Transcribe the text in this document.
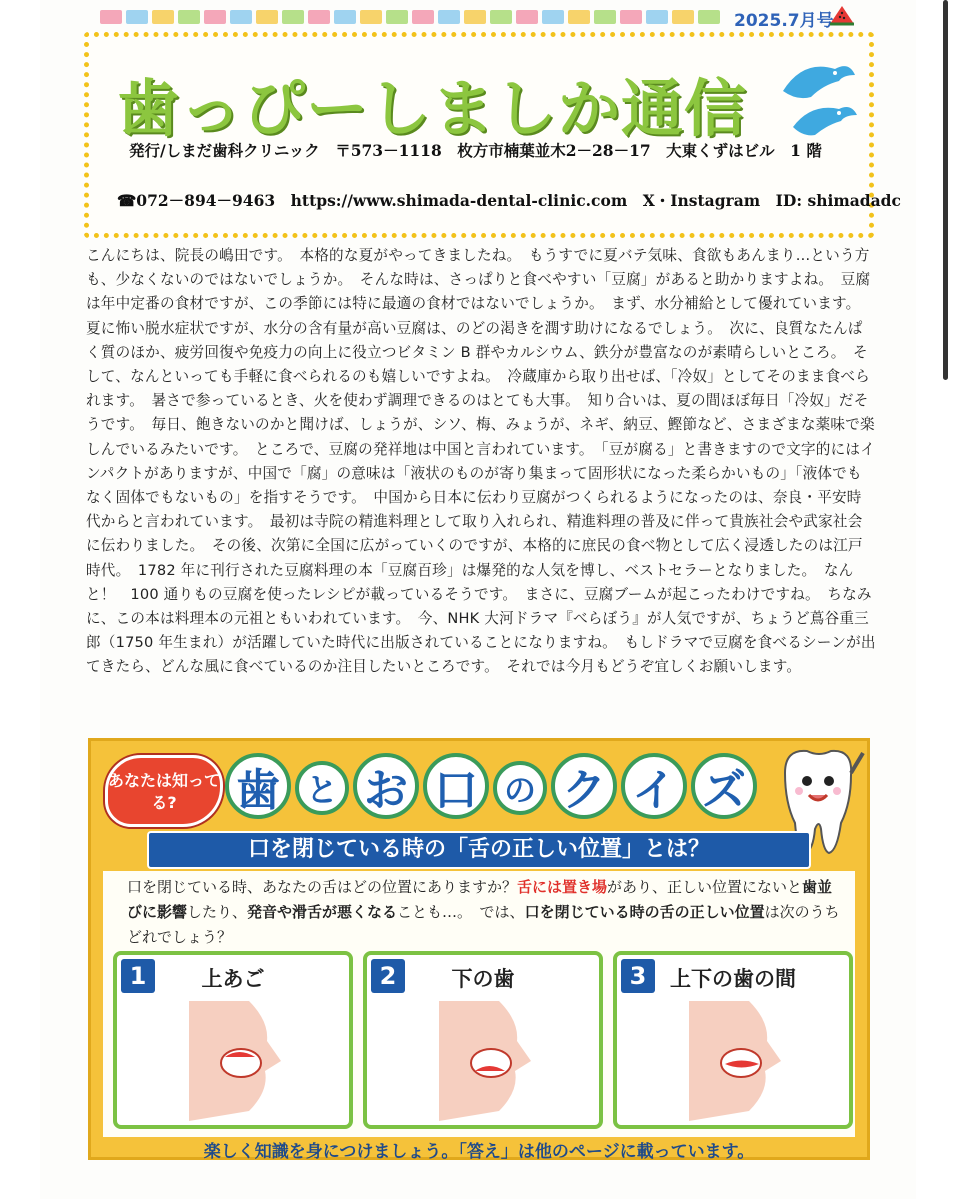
2025.7月号
歯っぴーしましか通信
発行/しまだ歯科クリニック　〒573－1118　枚方市楠葉並木2－28－17　大東くずはビル　1 階
☎072－894－9463　https://www.shimada-dental-clinic.com　X・Instagram　ID: shimadadc
こんにちは、院長の嶋田です。　本格的な夏がやってきましたね。　もうすでに夏バテ気味、食欲もあんまり…という方も、少なくないのではないでしょうか。　そんな時は、さっぱりと食べやすい「豆腐」があると助かりますよね。　豆腐は年中定番の食材ですが、この季節には特に最適の食材ではないでしょうか。　まず、水分補給として優れています。　夏に怖い脱水症状ですが、水分の含有量が高い豆腐は、のどの渇きを潤す助けになるでしょう。　次に、良質なたんぱく質のほか、疲労回復や免疫力の向上に役立つビタミン B 群やカルシウム、鉄分が豊富なのが素晴らしいところ。　そして、なんといっても手軽に食べられるのも嬉しいですよね。　冷蔵庫から取り出せば、「冷奴」としてそのまま食べられます。　暑さで参っているとき、火を使わず調理できるのはとても大事。　知り合いは、夏の間ほぼ毎日「冷奴」だそうです。　毎日、飽きないのかと聞けば、しょうが、シソ、梅、みょうが、ネギ、納豆、鰹節など、さまざまな薬味で楽しんでいるみたいです。　ところで、豆腐の発祥地は中国と言われています。　「豆が腐る」と書きますので文字的にはインパクトがありますが、中国で「腐」の意味は「液状のものが寄り集まって固形状になった柔らかいもの」「液体でもなく固体でもないもの」を指すそうです。　中国から日本に伝わり豆腐がつくられるようになったのは、奈良・平安時代からと言われています。　最初は寺院の精進料理として取り入れられ、精進料理の普及に伴って貴族社会や武家社会に伝わりました。　その後、次第に全国に広がっていくのですが、本格的に庶民の食べ物として広く浸透したのは江戸時代。　1782 年に刊行された豆腐料理の本「豆腐百珍」は爆発的な人気を博し、ベストセラーとなりました。　なんと！　100 通りもの豆腐を使ったレシピが載っているそうです。　まさに、豆腐ブームが起こったわけですね。　ちなみに、この本は料理本の元祖ともいわれています。　今、NHK 大河ドラマ『べらぼう』が人気ですが、ちょうど蔦谷重三郎（1750 年生まれ）が活躍していた時代に出版されていることになりますね。　もしドラマで豆腐を食べるシーンが出てきたら、どんな風に食べているのか注目したいところです。　それでは今月もどうぞ宜しくお願いします。
あなたは知ってる?	歯 と お 口 の ク イ ズ
口を閉じている時の「舌の正しい位置」とは？
口を閉じている時、あなたの舌はどの位置にありますか？舌には置き場があり、正しい位置にないと歯並びに影響したり、発音や滑舌が悪くなることも…。　では、口を閉じている時の舌の正しい位置は次のうちどれでしょう？
1	上あご	2	下の歯	3	上下の歯の間
楽しく知識を身につけましょう。「答え」は他のページに載っています。
